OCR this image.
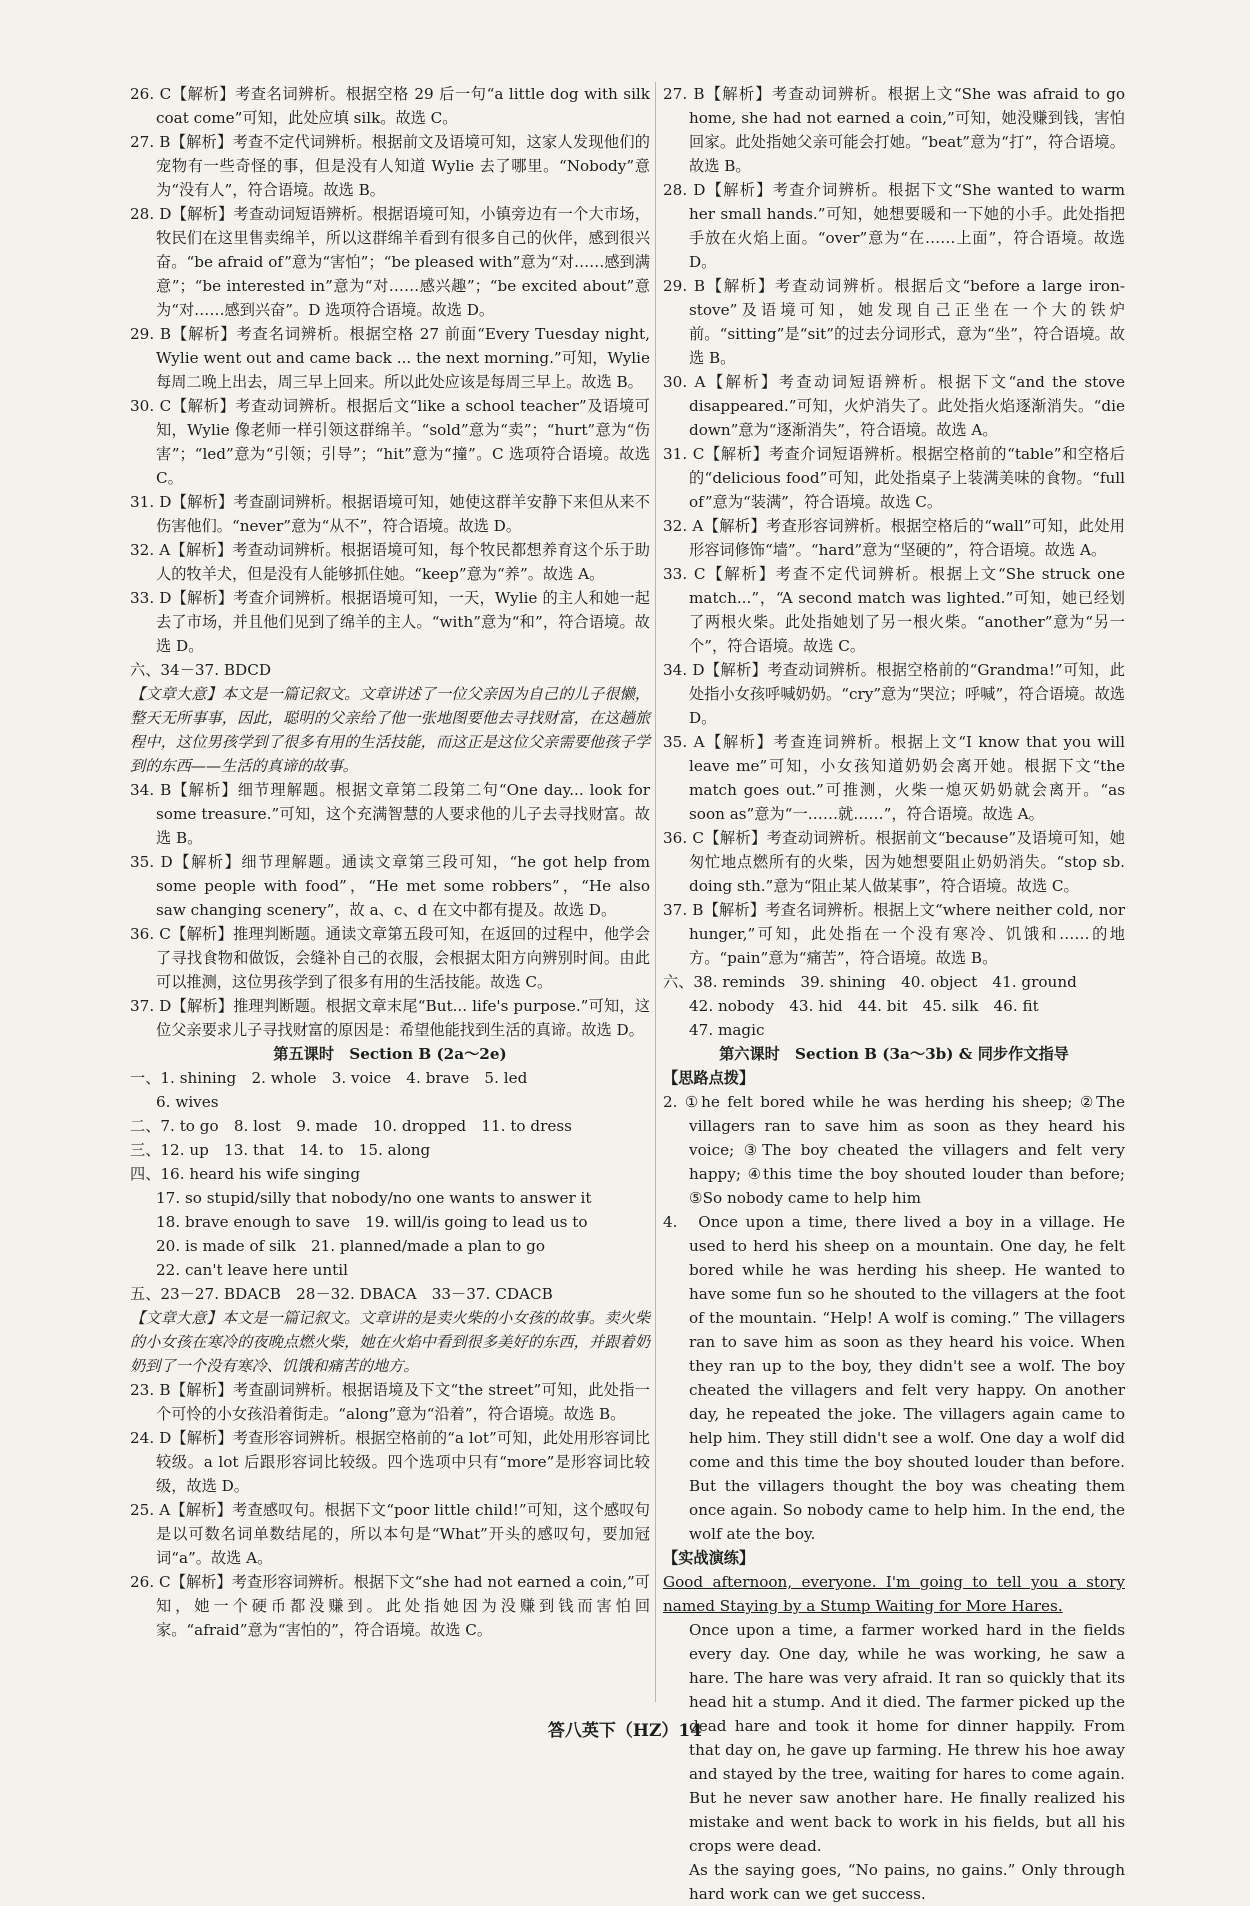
26. C【解析】考查名词辨析。根据空格 29 后一句“a little dog with silk coat come”可知，此处应填 silk。故选 C。

27. B【解析】考查不定代词辨析。根据前文及语境可知，这家人发现他们的宠物有一些奇怪的事，但是没有人知道 Wylie 去了哪里。“Nobody”意为“没有人”，符合语境。故选 B。

28. D【解析】考查动词短语辨析。根据语境可知，小镇旁边有一个大市场，牧民们在这里售卖绵羊，所以这群绵羊看到有很多自己的伙伴，感到很兴奋。“be afraid of”意为“害怕”；“be pleased with”意为“对……感到满意”；“be interested in”意为“对……感兴趣”；“be excited about”意为“对……感到兴奋”。D 选项符合语境。故选 D。

29. B【解析】考查名词辨析。根据空格 27 前面“Every Tuesday night, Wylie went out and came back ... the next morning.”可知，Wylie 每周二晚上出去，周三早上回来。所以此处应该是每周三早上。故选 B。

30. C【解析】考查动词辨析。根据后文“like a school teacher”及语境可知，Wylie 像老师一样引领这群绵羊。“sold”意为“卖”；“hurt”意为“伤害”；“led”意为“引领；引导”；“hit”意为“撞”。C 选项符合语境。故选 C。

31. D【解析】考查副词辨析。根据语境可知，她使这群羊安静下来但从来不伤害他们。“never”意为“从不”，符合语境。故选 D。

32. A【解析】考查动词辨析。根据语境可知，每个牧民都想养育这个乐于助人的牧羊犬，但是没有人能够抓住她。“keep”意为“养”。故选 A。

33. D【解析】考查介词辨析。根据语境可知，一天，Wylie 的主人和她一起去了市场，并且他们见到了绵羊的主人。“with”意为“和”，符合语境。故选 D。

六、34－37. BDCD

【文章大意】本文是一篇记叙文。文章讲述了一位父亲因为自己的儿子很懒，整天无所事事，因此，聪明的父亲给了他一张地图要他去寻找财富，在这趟旅程中，这位男孩学到了很多有用的生活技能，而这正是这位父亲需要他孩子学到的东西——生活的真谛的故事。

34. B【解析】细节理解题。根据文章第二段第二句“One day... look for some treasure.”可知，这个充满智慧的人要求他的儿子去寻找财富。故选 B。

35. D【解析】细节理解题。通读文章第三段可知，“he got help from some people with food”，“He met some robbers”，“He also saw changing scenery”，故 a、c、d 在文中都有提及。故选 D。

36. C【解析】推理判断题。通读文章第五段可知，在返回的过程中，他学会了寻找食物和做饭，会缝补自己的衣服，会根据太阳方向辨别时间。由此可以推测，这位男孩学到了很多有用的生活技能。故选 C。

37. D【解析】推理判断题。根据文章末尾“But... life's purpose.”可知，这位父亲要求儿子寻找财富的原因是：希望他能找到生活的真谛。故选 D。

第五课时　Section B (2a～2e)

一、1. shining　2. whole　3. voice　4. brave　5. led

6. wives

二、7. to go　8. lost　9. made　10. dropped　11. to dress

三、12. up　13. that　14. to　15. along

四、16. heard his wife singing

17. so stupid/silly that nobody/no one wants to answer it

18. brave enough to save　19. will/is going to lead us to

20. is made of silk　21. planned/made a plan to go

22. can't leave here until

五、23－27. BDACB　28－32. DBACA　33－37. CDACB

【文章大意】本文是一篇记叙文。文章讲的是卖火柴的小女孩的故事。卖火柴的小女孩在寒冷的夜晚点燃火柴，她在火焰中看到很多美好的东西，并跟着奶奶到了一个没有寒冷、饥饿和痛苦的地方。

23. B【解析】考查副词辨析。根据语境及下文“the street”可知，此处指一个可怜的小女孩沿着街走。“along”意为“沿着”，符合语境。故选 B。

24. D【解析】考查形容词辨析。根据空格前的“a lot”可知，此处用形容词比较级。a lot 后跟形容词比较级。四个选项中只有“more”是形容词比较级，故选 D。

25. A【解析】考查感叹句。根据下文“poor little child!”可知，这个感叹句是以可数名词单数结尾的，所以本句是“What”开头的感叹句，要加冠词“a”。故选 A。

26. C【解析】考查形容词辨析。根据下文“she had not earned a coin,”可知，她一个硬币都没赚到。此处指她因为没赚到钱而害怕回家。“afraid”意为“害怕的”，符合语境。故选 C。

27. B【解析】考查动词辨析。根据上文“She was afraid to go home, she had not earned a coin,”可知，她没赚到钱，害怕回家。此处指她父亲可能会打她。“beat”意为“打”，符合语境。故选 B。

28. D【解析】考查介词辨析。根据下文“She wanted to warm her small hands.”可知，她想要暖和一下她的小手。此处指把手放在火焰上面。“over”意为“在……上面”，符合语境。故选 D。

29. B【解析】考查动词辨析。根据后文“before a large iron-stove”及语境可知，她发现自己正坐在一个大的铁炉前。“sitting”是“sit”的过去分词形式，意为“坐”，符合语境。故选 B。

30. A【解析】考查动词短语辨析。根据下文“and the stove disappeared.”可知，火炉消失了。此处指火焰逐渐消失。“die down”意为“逐渐消失”，符合语境。故选 A。

31. C【解析】考查介词短语辨析。根据空格前的“table”和空格后的“delicious food”可知，此处指桌子上装满美味的食物。“full of”意为“装满”，符合语境。故选 C。

32. A【解析】考查形容词辨析。根据空格后的“wall”可知，此处用形容词修饰“墙”。“hard”意为“坚硬的”，符合语境。故选 A。

33. C【解析】考查不定代词辨析。根据上文“She struck one match...”，“A second match was lighted.”可知，她已经划了两根火柴。此处指她划了另一根火柴。“another”意为“另一个”，符合语境。故选 C。

34. D【解析】考查动词辨析。根据空格前的“Grandma!”可知，此处指小女孩呼喊奶奶。“cry”意为“哭泣；呼喊”，符合语境。故选 D。

35. A【解析】考查连词辨析。根据上文“I know that you will leave me”可知，小女孩知道奶奶会离开她。根据下文“the match goes out.”可推测，火柴一熄灭奶奶就会离开。“as soon as”意为“一……就……”，符合语境。故选 A。

36. C【解析】考查动词辨析。根据前文“because”及语境可知，她匆忙地点燃所有的火柴，因为她想要阻止奶奶消失。“stop sb. doing sth.”意为“阻止某人做某事”，符合语境。故选 C。

37. B【解析】考查名词辨析。根据上文“where neither cold, nor hunger,”可知，此处指在一个没有寒冷、饥饿和……的地方。“pain”意为“痛苦”，符合语境。故选 B。

六、38. reminds　39. shining　40. object　41. ground

42. nobody　43. hid　44. bit　45. silk　46. fit

47. magic

第六课时　Section B (3a～3b) & 同步作文指导

【思路点拨】

2. ①he felt bored while he was herding his sheep; ②The villagers ran to save him as soon as they heard his voice; ③The boy cheated the villagers and felt very happy; ④this time the boy shouted louder than before; ⑤So nobody came to help him

4.　Once upon a time, there lived a boy in a village. He used to herd his sheep on a mountain. One day, he felt bored while he was herding his sheep. He wanted to have some fun so he shouted to the villagers at the foot of the mountain. “Help! A wolf is coming.” The villagers ran to save him as soon as they heard his voice. When they ran up to the boy, they didn't see a wolf. The boy cheated the villagers and felt very happy. On another day, he repeated the joke. The villagers again came to help him. They still didn't see a wolf. One day a wolf did come and this time the boy shouted louder than before. But the villagers thought the boy was cheating them once again. So nobody came to help him. In the end, the wolf ate the boy.

【实战演练】

Good afternoon, everyone. I'm going to tell you a story named Staying by a Stump Waiting for More Hares.

Once upon a time, a farmer worked hard in the fields every day. One day, while he was working, he saw a hare. The hare was very afraid. It ran so quickly that its head hit a stump. And it died. The farmer picked up the dead hare and took it home for dinner happily. From that day on, he gave up farming. He threw his hoe away and stayed by the tree, waiting for hares to come again. But he never saw another hare. He finally realized his mistake and went back to work in his fields, but all his crops were dead.

As the saying goes, “No pains, no gains.” Only through hard work can we get success.

答八英下（HZ）14
